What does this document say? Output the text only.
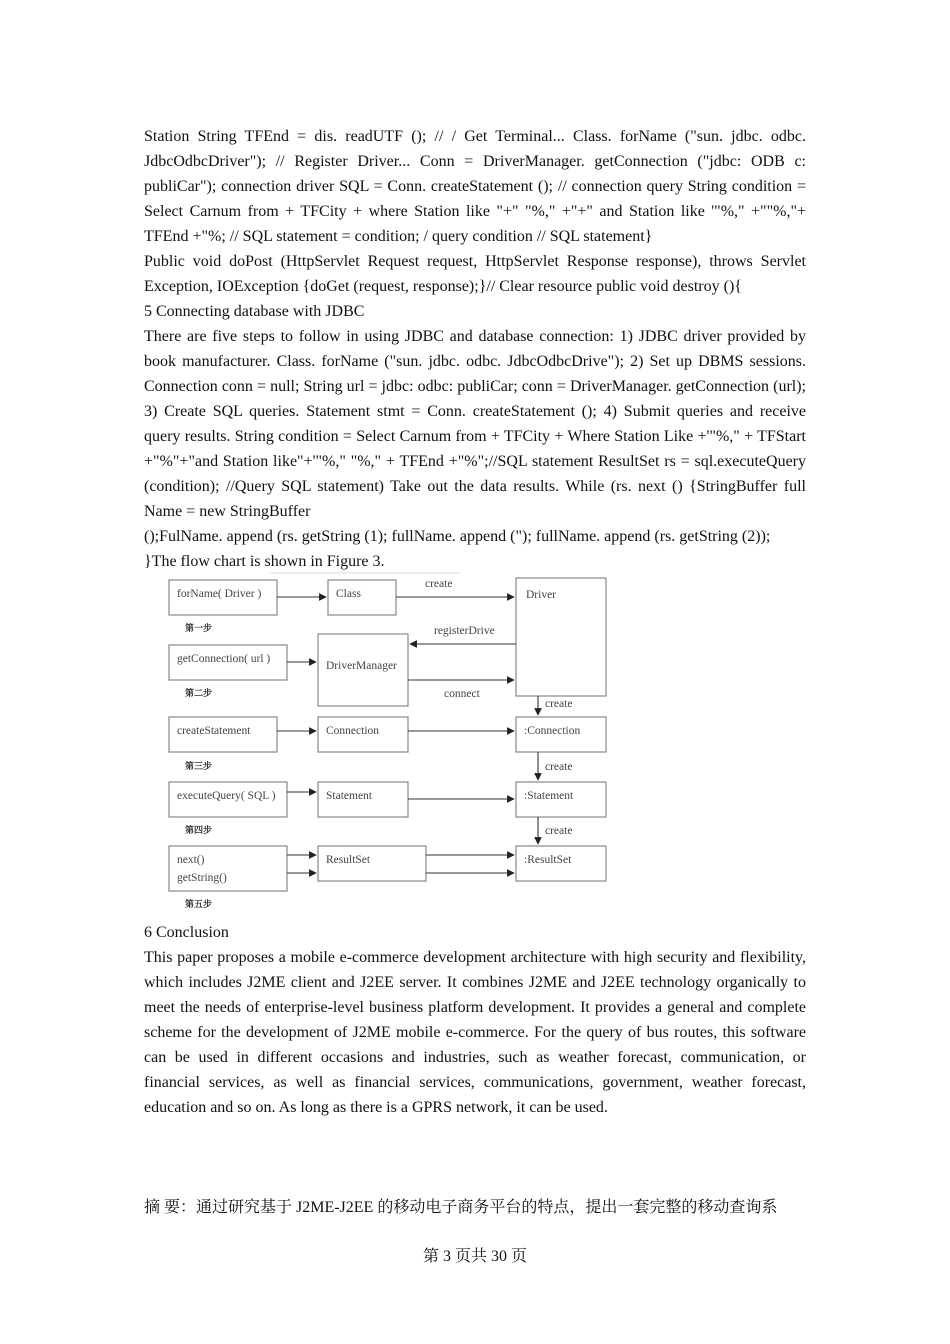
Station String TFEnd = dis. readUTF (); // / Get Terminal... Class. forName ("sun. jdbc. odbc. JdbcOdbcDriver"); // Register Driver... Conn = DriverManager. getConnection ("jdbc: ODB c: publiCar"); connection driver SQL = Conn. createStatement (); // connection query String condition = Select Carnum from + TFCity + where Station like "+" "%," +"+" and Station like '"%," +""%,"+ TFEnd +"%; // SQL statement = condition; / query condition // SQL statement}

Public void doPost (HttpServlet Request request, HttpServlet Response response), throws Servlet Exception, IOException {doGet (request, response);}// Clear resource public void destroy (){

5 Connecting database with JDBC

There are five steps to follow in using JDBC and database connection: 1) JDBC driver provided by book manufacturer. Class. forName ("sun. jdbc. odbc. JdbcOdbcDrive"); 2) Set up DBMS sessions. Connection conn = null; String url = jdbc: odbc: publiCar; conn = DriverManager. getConnection (url); 3) Create SQL queries. Statement stmt = Conn. createStatement (); 4) Submit queries and receive query results. String condition = Select Carnum from + TFCity + Where Station Like +'"%," + TFStart +"%"+"and Station like"+'"%," "%," + TFEnd +"%";//SQL statement ResultSet rs = sql.executeQuery (condition); //Query SQL statement) Take out the data results. While (rs. next () {StringBuffer full Name = new StringBuffer

();FulName. append (rs. getString (1); fullName. append ("); fullName. append (rs. getString (2));

}The flow chart is shown in Figure 3.

forName( Driver )	Class	Driver
create
第一步
getConnection( url )
DriverManager
registerDrive
connect
第二步
create
createStatement	Connection	:Connection
第三步	create
executeQuery( SQL )	Statement	:Statement
第四步	create
next()
getString()
ResultSet	:ResultSet
第五步

6 Conclusion

This paper proposes a mobile e-commerce development architecture with high security and flexibility, which includes J2ME client and J2EE server. It combines J2ME and J2EE technology organically to meet the needs of enterprise-level business platform development. It provides a general and complete scheme for the development of J2ME mobile e-commerce. For the query of bus routes, this software can be used in different occasions and industries, such as weather forecast, communication, or financial services, as well as financial services, communications, government, weather forecast, education and so on. As long as there is a GPRS network, it can be used.

摘 要：通过研究基于 J2ME-J2EE 的移动电子商务平台的特点，提出一套完整的移动查询系
第 3 页共 30 页
